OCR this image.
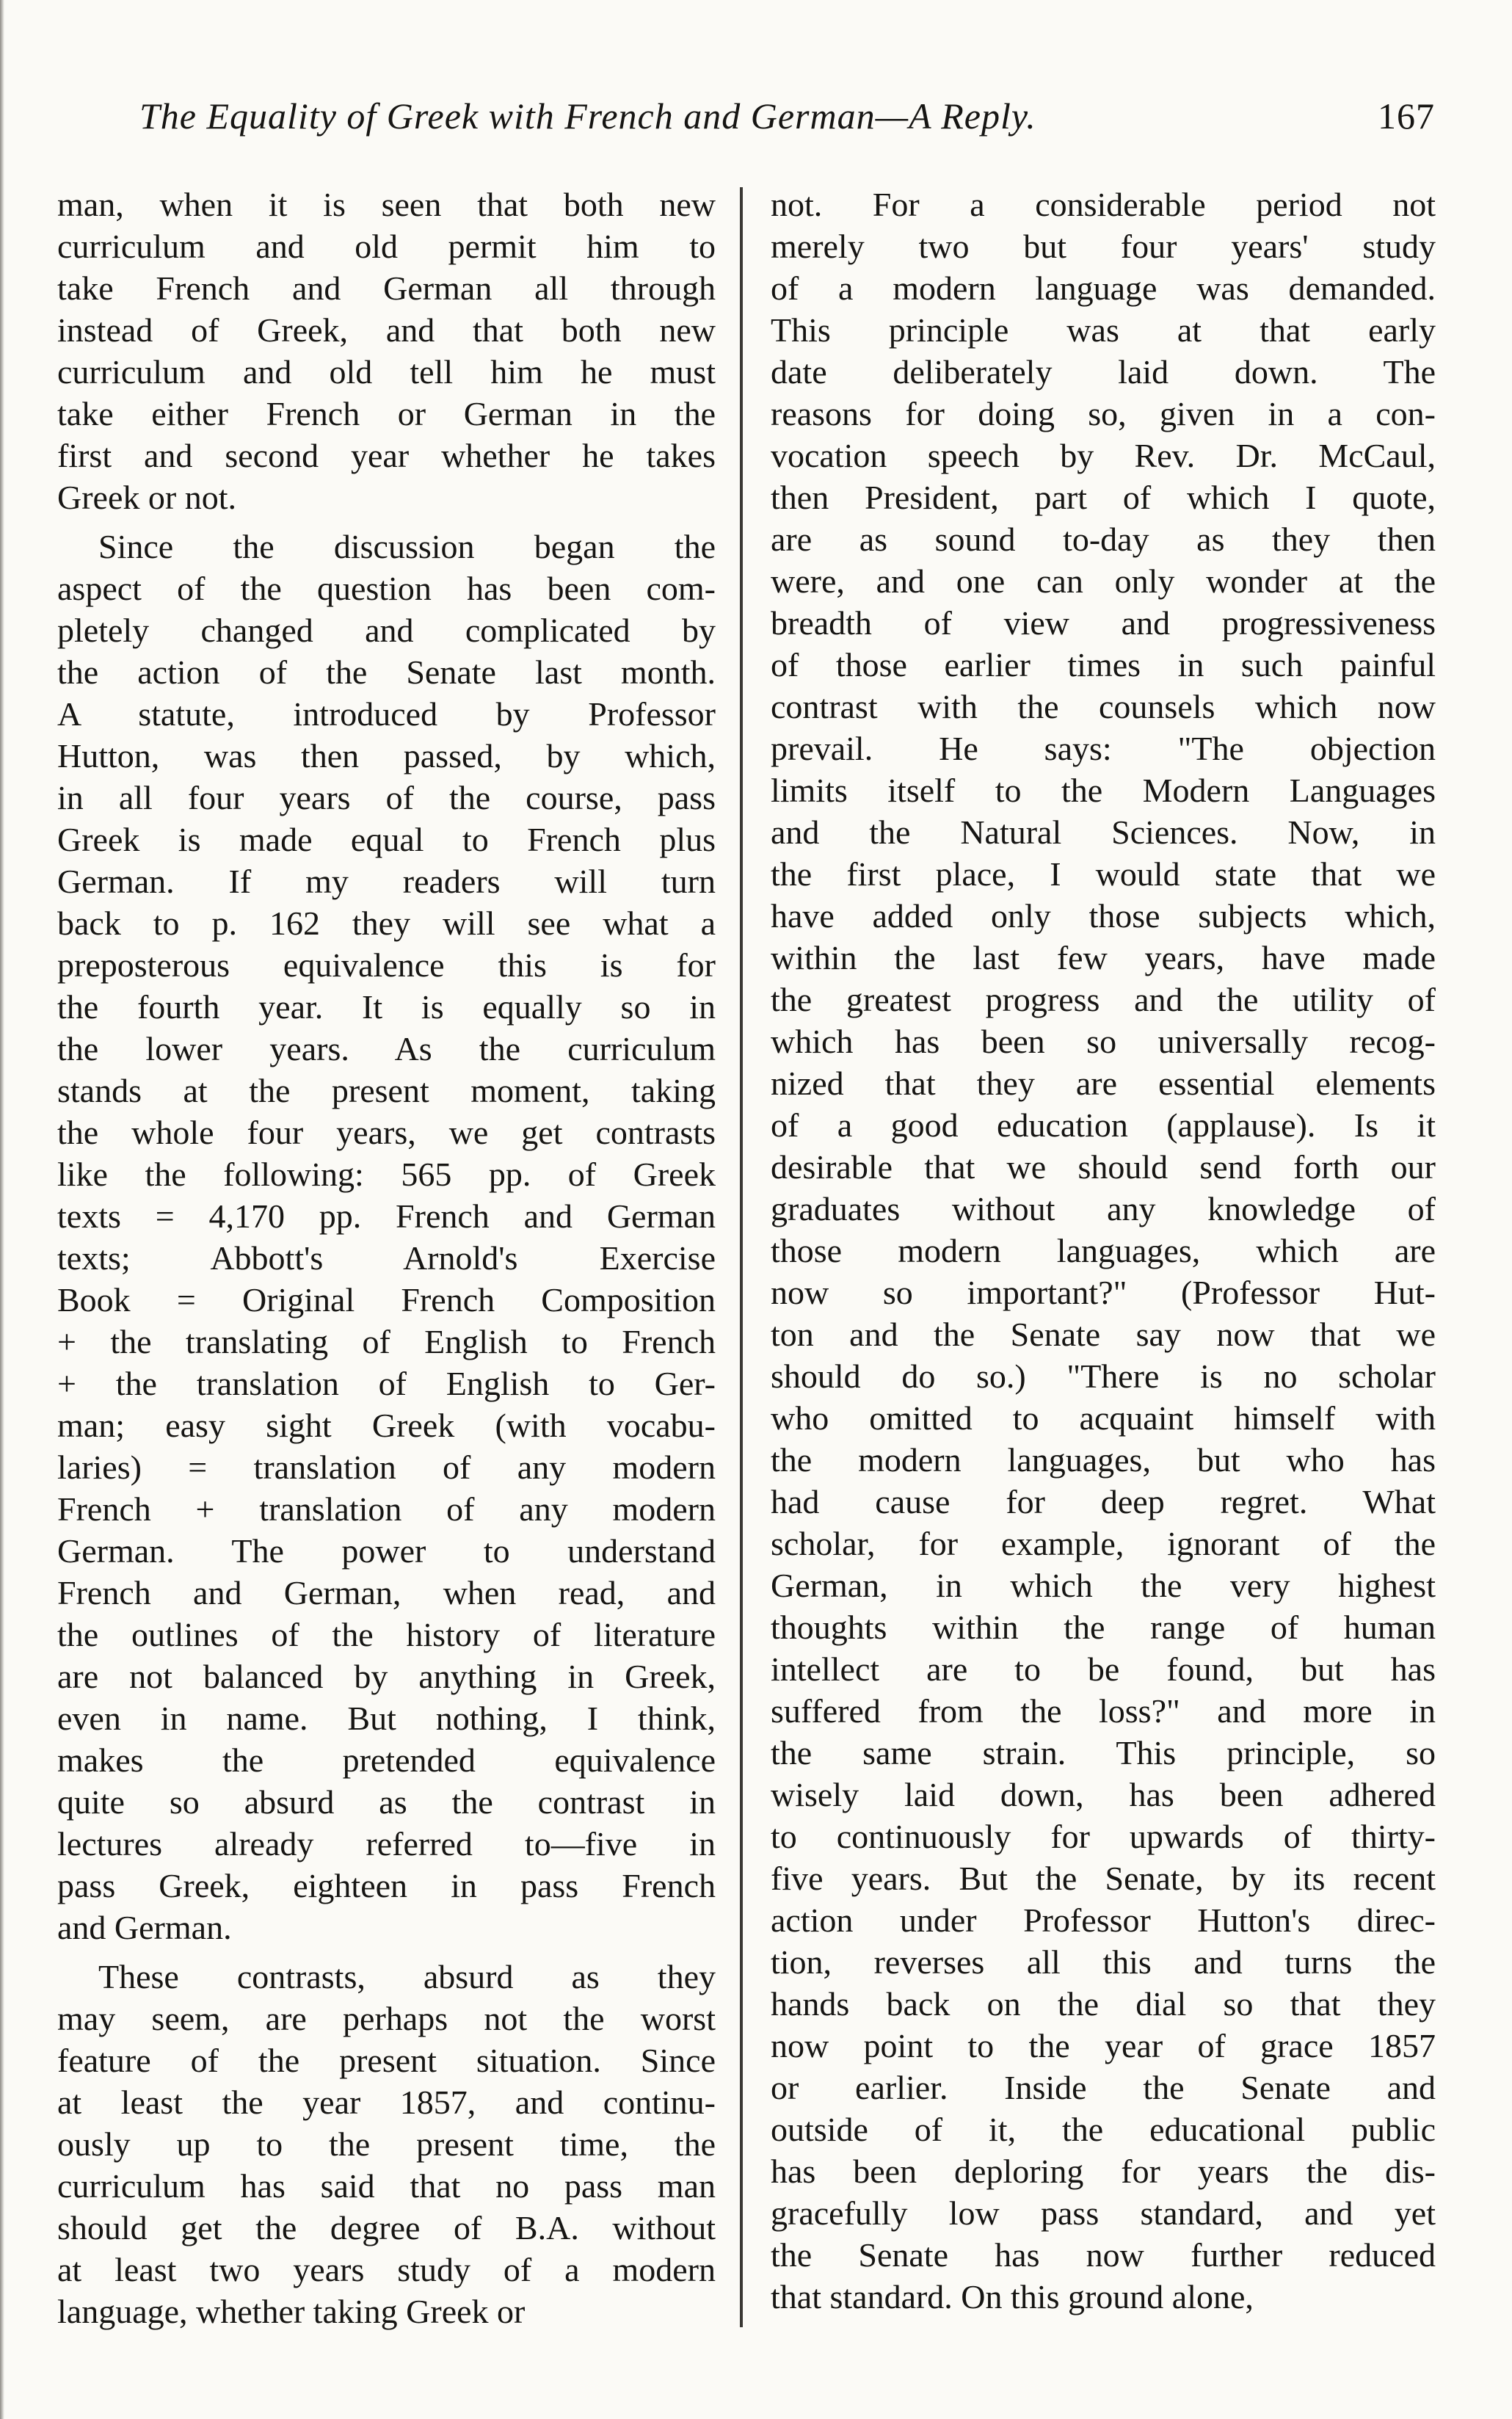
The Equality of Greek with French and German—A Reply.	167
man, when it is seen that both new
curriculum and old permit him to
take French and German all through
instead of Greek, and that both new
curriculum and old tell him he must
take either French or German in the
first and second year whether he takes
Greek or not.
Since the discussion began the
aspect of the question has been com-
pletely changed and complicated by
the action of the Senate last month.
A statute, introduced by Professor
Hutton, was then passed, by which,
in all four years of the course, pass
Greek is made equal to French plus
German. If my readers will turn
back to p. 162 they will see what a
preposterous equivalence this is for
the fourth year. It is equally so in
the lower years. As the curriculum
stands at the present moment, taking
the whole four years, we get contrasts
like the following: 565 pp. of Greek
texts = 4,170 pp. French and German
texts; Abbott's Arnold's Exercise
Book = Original French Composition
+ the translating of English to French
+ the translation of English to Ger-
man; easy sight Greek (with vocabu-
laries) = translation of any modern
French + translation of any modern
German. The power to understand
French and German, when read, and
the outlines of the history of literature
are not balanced by anything in Greek,
even in name. But nothing, I think,
makes the pretended equivalence
quite so absurd as the contrast in
lectures already referred to—five in
pass Greek, eighteen in pass French
and German.
These contrasts, absurd as they
may seem, are perhaps not the worst
feature of the present situation. Since
at least the year 1857, and continu-
ously up to the present time, the
curriculum has said that no pass man
should get the degree of B.A. without
at least two years study of a modern
language, whether taking Greek or
not. For a considerable period not
merely two but four years' study
of a modern language was demanded.
This principle was at that early
date deliberately laid down. The
reasons for doing so, given in a con-
vocation speech by Rev. Dr. McCaul,
then President, part of which I quote,
are as sound to-day as they then
were, and one can only wonder at the
breadth of view and progressiveness
of those earlier times in such painful
contrast with the counsels which now
prevail. He says: "The objection
limits itself to the Modern Languages
and the Natural Sciences. Now, in
the first place, I would state that we
have added only those subjects which,
within the last few years, have made
the greatest progress and the utility of
which has been so universally recog-
nized that they are essential elements
of a good education (applause). Is it
desirable that we should send forth our
graduates without any knowledge of
those modern languages, which are
now so important?" (Professor Hut-
ton and the Senate say now that we
should do so.) "There is no scholar
who omitted to acquaint himself with
the modern languages, but who has
had cause for deep regret. What
scholar, for example, ignorant of the
German, in which the very highest
thoughts within the range of human
intellect are to be found, but has
suffered from the loss?" and more in
the same strain. This principle, so
wisely laid down, has been adhered
to continuously for upwards of thirty-
five years. But the Senate, by its recent
action under Professor Hutton's direc-
tion, reverses all this and turns the
hands back on the dial so that they
now point to the year of grace 1857
or earlier. Inside the Senate and
outside of it, the educational public
has been deploring for years the dis-
gracefully low pass standard, and yet
the Senate has now further reduced
that standard. On this ground alone,
